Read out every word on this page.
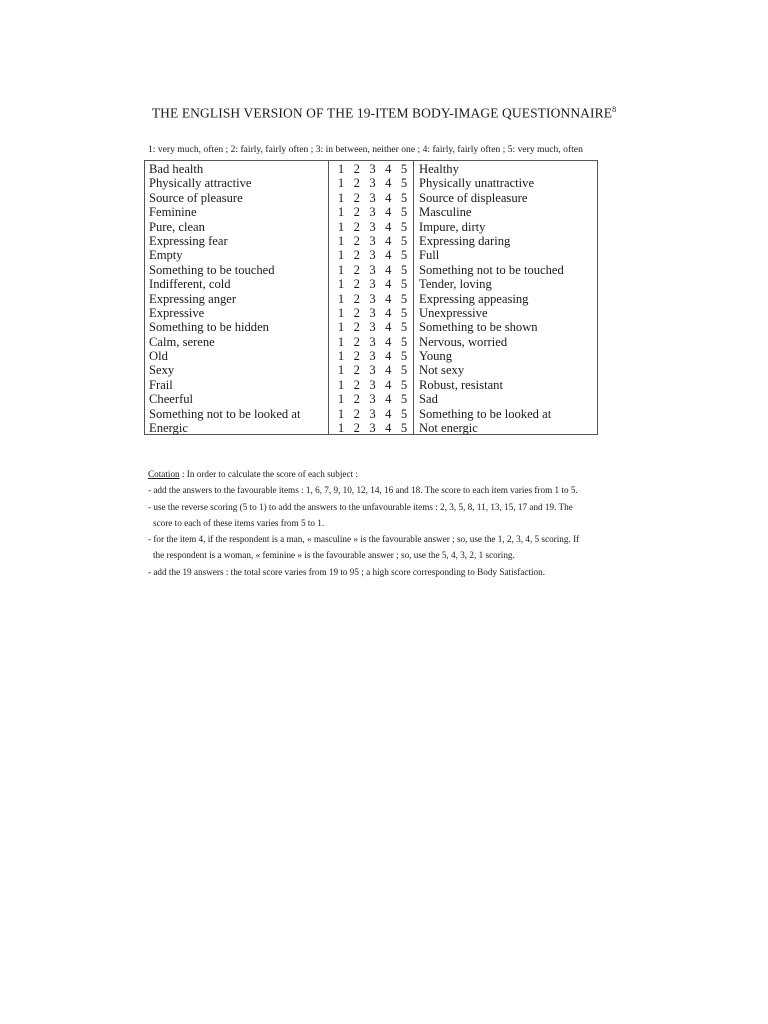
THE ENGLISH VERSION OF THE 19-ITEM BODY-IMAGE QUESTIONNAIRE$^8$
1: very much, often ; 2: fairly, fairly often ; 3: in between, neither one ; 4: fairly, fairly often ; 5: very much, often
Bad health	1 2 3 4 5 Healthy
Physically attractive	1 2 3 4 5 Physically unattractive
Source of pleasure	1 2 3 4 5 Source of displeasure
Feminine	1 2 3 4 5 Masculine
Pure, clean	1 2 3 4 5 Impure, dirty
Expressing fear	1 2 3 4 5 Expressing daring
Empty	1 2 3 4 5 Full
Something to be touched	1 2 3 4 5 Something not to be touched
Indifferent, cold	1 2 3 4 5 Tender, loving
Expressing anger	1 2 3 4 5 Expressing appeasing
Expressive	1 2 3 4 5 Unexpressive
Something to be hidden	1 2 3 4 5 Something to be shown
Calm, serene	1 2 3 4 5 Nervous, worried
Old	1 2 3 4 5 Young
Sexy	1 2 3 4 5 Not sexy
Frail	1 2 3 4 5 Robust, resistant
Cheerful	1 2 3 4 5 Sad
Something not to be looked at	1 2 3 4 5 Something to be looked at
Energic	1 2 3 4 5 Not energic

Cotation : In order to calculate the score of each subject :

- add the answers to the favourable items : 1, 6, 7, 9, 10, 12, 14, 16 and 18. The score to each item varies from 1 to 5.

- use the reverse scoring (5 to 1) to add the answers to the unfavourable items : 2, 3, 5, 8, 11, 13, 15, 17 and 19. The

score to each of these items varies from 5 to 1.

- for the item 4, if the respondent is a man, « masculine » is the favourable answer ; so, use the 1, 2, 3, 4, 5 scoring. If

the respondent is a woman, « feminine » is the favourable answer ; so, use the 5, 4, 3, 2, 1 scoring.

- add the 19 answers : the total score varies from 19 to 95 ; a high score corresponding to Body Satisfaction.
